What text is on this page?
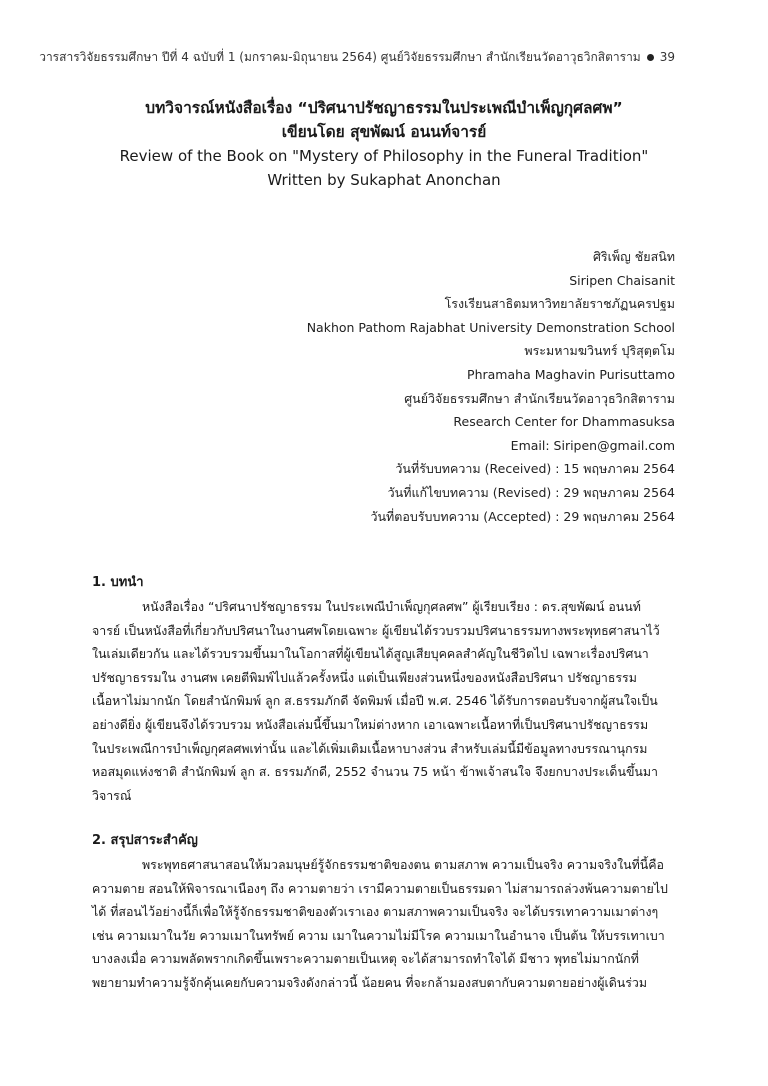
วารสารวิจัยธรรมศึกษา ปีที่ 4 ฉบับที่ 1 (มกราคม-มิถุนายน 2564) ศูนย์วิจัยธรรมศึกษา สำนักเรียนวัดอาวุธวิกสิตาราม 39
บทวิจารณ์หนังสือเรื่อง “ปริศนาปรัชญาธรรมในประเพณีบำเพ็ญกุศลศพ”
เขียนโดย สุขพัฒน์ อนนท์จารย์
Review of the Book on "Mystery of Philosophy in the Funeral Tradition"
Written by Sukaphat Anonchan
ศิริเพ็ญ ชัยสนิท
Siripen Chaisanit
โรงเรียนสาธิตมหาวิทยาลัยราชภัฏนครปฐม
Nakhon Pathom Rajabhat University Demonstration School
พระมหามฆวินทร์ ปุริสุตฺตโม
Phramaha Maghavin Purisuttamo
ศูนย์วิจัยธรรมศึกษา สำนักเรียนวัดอาวุธวิกสิตาราม
Research Center for Dhammasuksa
Email: Siripen@gmail.com
วันที่รับบทความ (Received) : 15 พฤษภาคม 2564
วันที่แก้ไขบทความ (Revised) : 29 พฤษภาคม 2564
วันที่ตอบรับบทความ (Accepted) : 29 พฤษภาคม 2564
1. บทนำ
หนังสือเรื่อง “ปริศนาปรัชญาธรรม ในประเพณีบำเพ็ญกุศลศพ” ผู้เรียบเรียง : ดร.สุขพัฒน์ อนนท์
จารย์ เป็นหนังสือที่เกี่ยวกับปริศนาในงานศพโดยเฉพาะ ผู้เขียนได้รวบรวมปริศนาธรรมทางพระพุทธศาสนาไว้
ในเล่มเดียวกัน และได้รวบรวมขึ้นมาในโอกาสที่ผู้เขียนได้สูญเสียบุคคลสำคัญในชีวิตไป เฉพาะเรื่องปริศนา
ปรัชญาธรรมใน งานศพ เคยตีพิมพ์ไปแล้วครั้งหนึ่ง แต่เป็นเพียงส่วนหนึ่งของหนังสือปริศนา ปรัชญาธรรม
เนื้อหาไม่มากนัก โดยสำนักพิมพ์ ลูก ส.ธรรมภักดี จัดพิมพ์ เมื่อปี พ.ศ. 2546 ได้รับการตอบรับจากผู้สนใจเป็น
อย่างดียิ่ง ผู้เขียนจึงได้รวบรวม หนังสือเล่มนี้ขึ้นมาใหม่ต่างหาก เอาเฉพาะเนื้อหาที่เป็นปริศนาปรัชญาธรรม
ในประเพณีการบำเพ็ญกุศลศพเท่านั้น และได้เพิ่มเติมเนื้อหาบางส่วน สำหรับเล่มนี้มีข้อมูลทางบรรณานุกรม
หอสมุดแห่งชาติ สำนักพิมพ์ ลูก ส. ธรรมภักดี, 2552 จำนวน 75 หน้า ข้าพเจ้าสนใจ จึงยกบางประเด็นขึ้นมา
วิจารณ์
2. สรุปสาระสำคัญ
พระพุทธศาสนาสอนให้มวลมนุษย์รู้จักธรรมชาติของตน ตามสภาพ ความเป็นจริง ความจริงในที่นี้คือ
ความตาย สอนให้พิจารณาเนืองๆ ถึง ความตายว่า เรามีความตายเป็นธรรมดา ไม่สามารถล่วงพ้นความตายไป
ได้ ที่สอนไว้อย่างนี้ก็เพื่อให้รู้จักธรรมชาติของตัวเราเอง ตามสภาพความเป็นจริง จะได้บรรเทาความเมาต่างๆ
เช่น ความเมาในวัย ความเมาในทรัพย์ ความ เมาในความไม่มีโรค ความเมาในอำนาจ เป็นต้น ให้บรรเทาเบา
บางลงเมื่อ ความพลัดพรากเกิดขึ้นเพราะความตายเป็นเหตุ จะได้สามารถทำใจได้ มีชาว พุทธไม่มากนักที่
พยายามทำความรู้จักคุ้นเคยกับความจริงดังกล่าวนี้ น้อยคน ที่จะกล้ามองสบตากับความตายอย่างผู้เดินร่วม
